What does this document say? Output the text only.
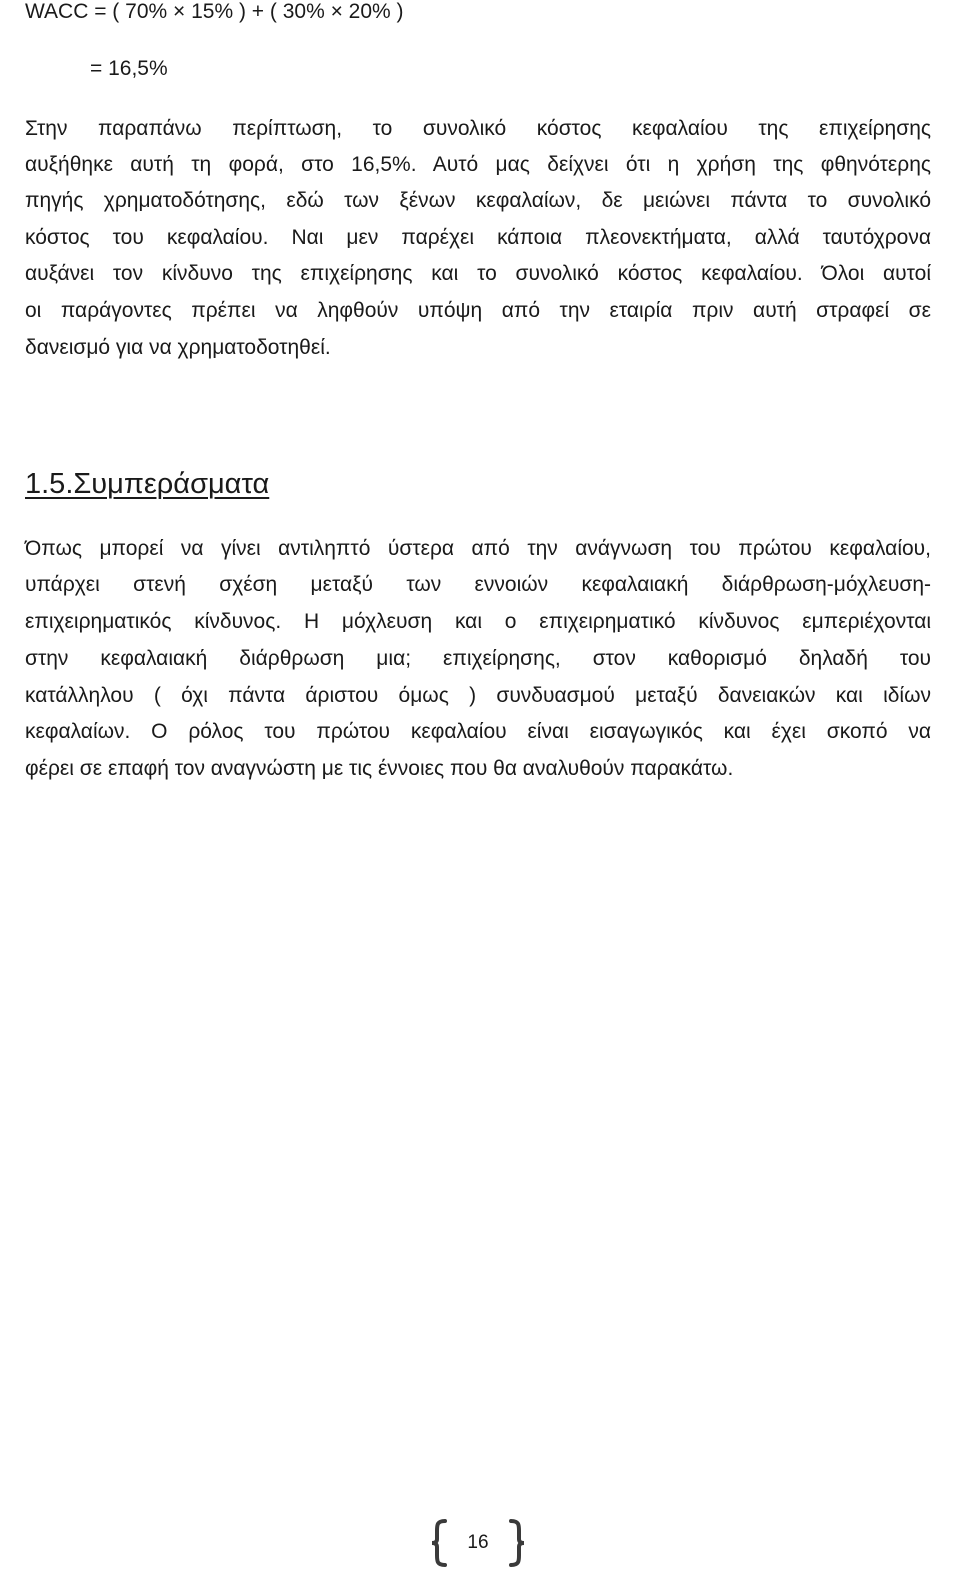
WACC = ( 70% × 15% ) + ( 30% × 20% )
= 16,5%
Στην παραπάνω περίπτωση, το συνολικό κόστος κεφαλαίου της επιχείρησης
αυξήθηκε αυτή τη φορά, στο 16,5%. Αυτό μας δείχνει ότι η χρήση της φθηνότερης
πηγής χρηματοδότησης, εδώ των ξένων κεφαλαίων, δε μειώνει πάντα το συνολικό
κόστος του κεφαλαίου. Ναι μεν παρέχει κάποια πλεονεκτήματα, αλλά ταυτόχρονα
αυξάνει τον κίνδυνο της επιχείρησης και το συνολικό κόστος κεφαλαίου. Όλοι αυτοί
οι παράγοντες πρέπει να ληφθούν υπόψη από την εταιρία πριν αυτή στραφεί σε
δανεισμό για να χρηματοδοτηθεί.
1.5.Συμπεράσματα
Όπως μπορεί να γίνει αντιληπτό ύστερα από την ανάγνωση του πρώτου κεφαλαίου,
υπάρχει στενή σχέση μεταξύ των εννοιών κεφαλαιακή διάρθρωση-μόχλευση-
επιχειρηματικός κίνδυνος. Η μόχλευση και ο επιχειρηματικό κίνδυνος εμπεριέχονται
στην κεφαλαιακή διάρθρωση μια; επιχείρησης, στον καθορισμό δηλαδή του
κατάλληλου ( όχι πάντα άριστου όμως ) συνδυασμού μεταξύ δανειακών και ιδίων
κεφαλαίων. Ο ρόλος του πρώτου κεφαλαίου είναι εισαγωγικός και έχει σκοπό να
φέρει σε επαφή τον αναγνώστη με τις έννοιες που θα αναλυθούν παρακάτω.
16
